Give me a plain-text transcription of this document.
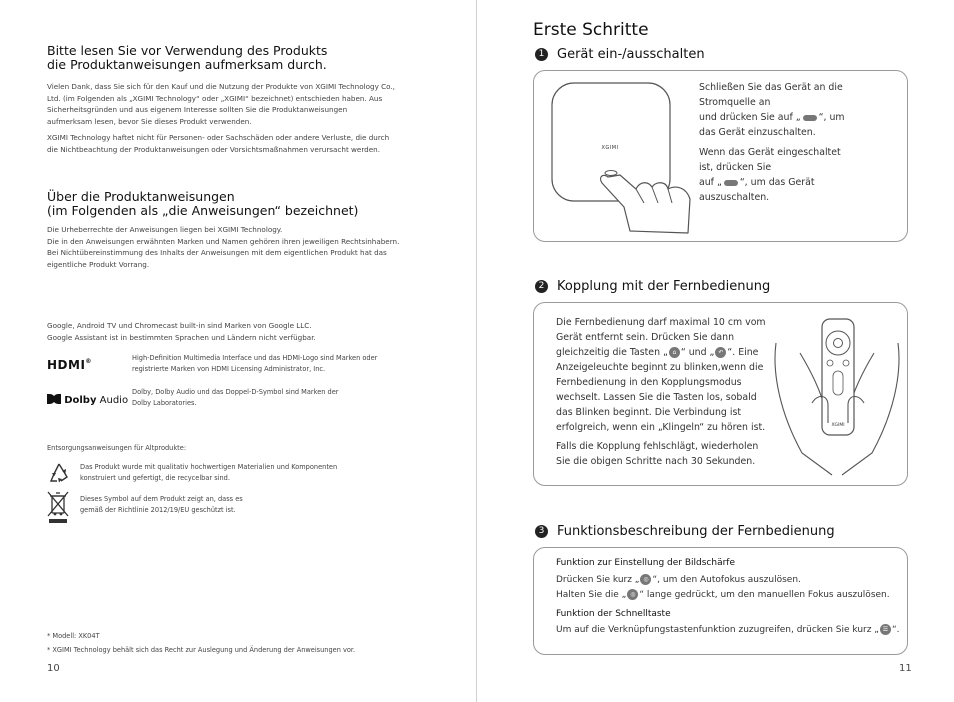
Bitte lesen Sie vor Verwendung des Produkts
die Produktanweisungen aufmerksam durch.
Vielen Dank, dass Sie sich für den Kauf und die Nutzung der Produkte von XGIMI Technology Co.,
Ltd. (im Folgenden als „XGIMI Technology“ oder „XGIMI“ bezeichnet) entschieden haben. Aus
Sicherheitsgründen und aus eigenem Interesse sollten Sie die Produktanweisungen
aufmerksam lesen, bevor Sie dieses Produkt verwenden.
XGIMI Technology haftet nicht für Personen- oder Sachschäden oder andere Verluste, die durch
die Nichtbeachtung der Produktanweisungen oder Vorsichtsmaßnahmen verursacht werden.
Über die Produktanweisungen
(im Folgenden als „die Anweisungen“ bezeichnet)
Die Urheberrechte der Anweisungen liegen bei XGIMI Technology.
Die in den Anweisungen erwähnten Marken und Namen gehören ihren jeweiligen Rechtsinhabern.
Bei Nichtübereinstimmung des Inhalts der Anweisungen mit dem eigentlichen Produkt hat das
eigentliche Produkt Vorrang.
Google, Android TV und Chromecast built-in sind Marken von Google LLC.
Google Assistant ist in bestimmten Sprachen und Ländern nicht verfügbar.
HDMI®	High-Definition Multimedia Interface und das HDMI-Logo sind Marken oder
registrierte Marken von HDMI Licensing Administrator, Inc.
Dolby Audio
Dolby, Dolby Audio und das Doppel-D-Symbol sind Marken der
Dolby Laboratories.
Entsorgungsanweisungen für Altprodukte:
Das Produkt wurde mit qualitativ hochwertigen Materialien und Komponenten
konstruiert und gefertigt, die recycelbar sind.
Dieses Symbol auf dem Produkt zeigt an, dass es
gemäß der Richtlinie 2012/19/EU geschützt ist.
* Modell: XK04T
* XGIMI Technology behält sich das Recht zur Auslegung und Änderung der Anweisungen vor.
10
Erste Schritte
1 Gerät ein-/ausschalten
XGIMI
Schließen Sie das Gerät an die
Stromquelle an
und drücken Sie auf „ “, um
das Gerät einzuschalten.
Wenn das Gerät eingeschaltet
ist, drücken Sie
auf „ “, um das Gerät
auszuschalten.
2 Kopplung mit der Fernbedienung
Die Fernbedienung darf maximal 10 cm vom
Gerät entfernt sein. Drücken Sie dann
gleichzeitig die Tasten „ ⌂ “ und „ ↶ “. Eine
Anzeigeleuchte beginnt zu blinken,wenn die
Fernbedienung in den Kopplungsmodus
wechselt. Lassen Sie die Tasten los, sobald
das Blinken beginnt. Die Verbindung ist
erfolgreich, wenn ein „Klingeln“ zu hören ist.
Falls die Kopplung fehlschlägt, wiederholen
Sie die obigen Schritte nach 30 Sekunden.
XGIMI
3 Funktionsbeschreibung der Fernbedienung
Funktion zur Einstellung der Bildschärfe
Drücken Sie kurz „ ◎ “, um den Autofokus auszulösen.
Halten Sie die „ ◎ “ lange gedrückt, um den manuellen Fokus auszulösen.
Funktion der Schnelltaste
Um auf die Verknüpfungstastenfunktion zuzugreifen, drücken Sie kurz „ ☰ “.
11
